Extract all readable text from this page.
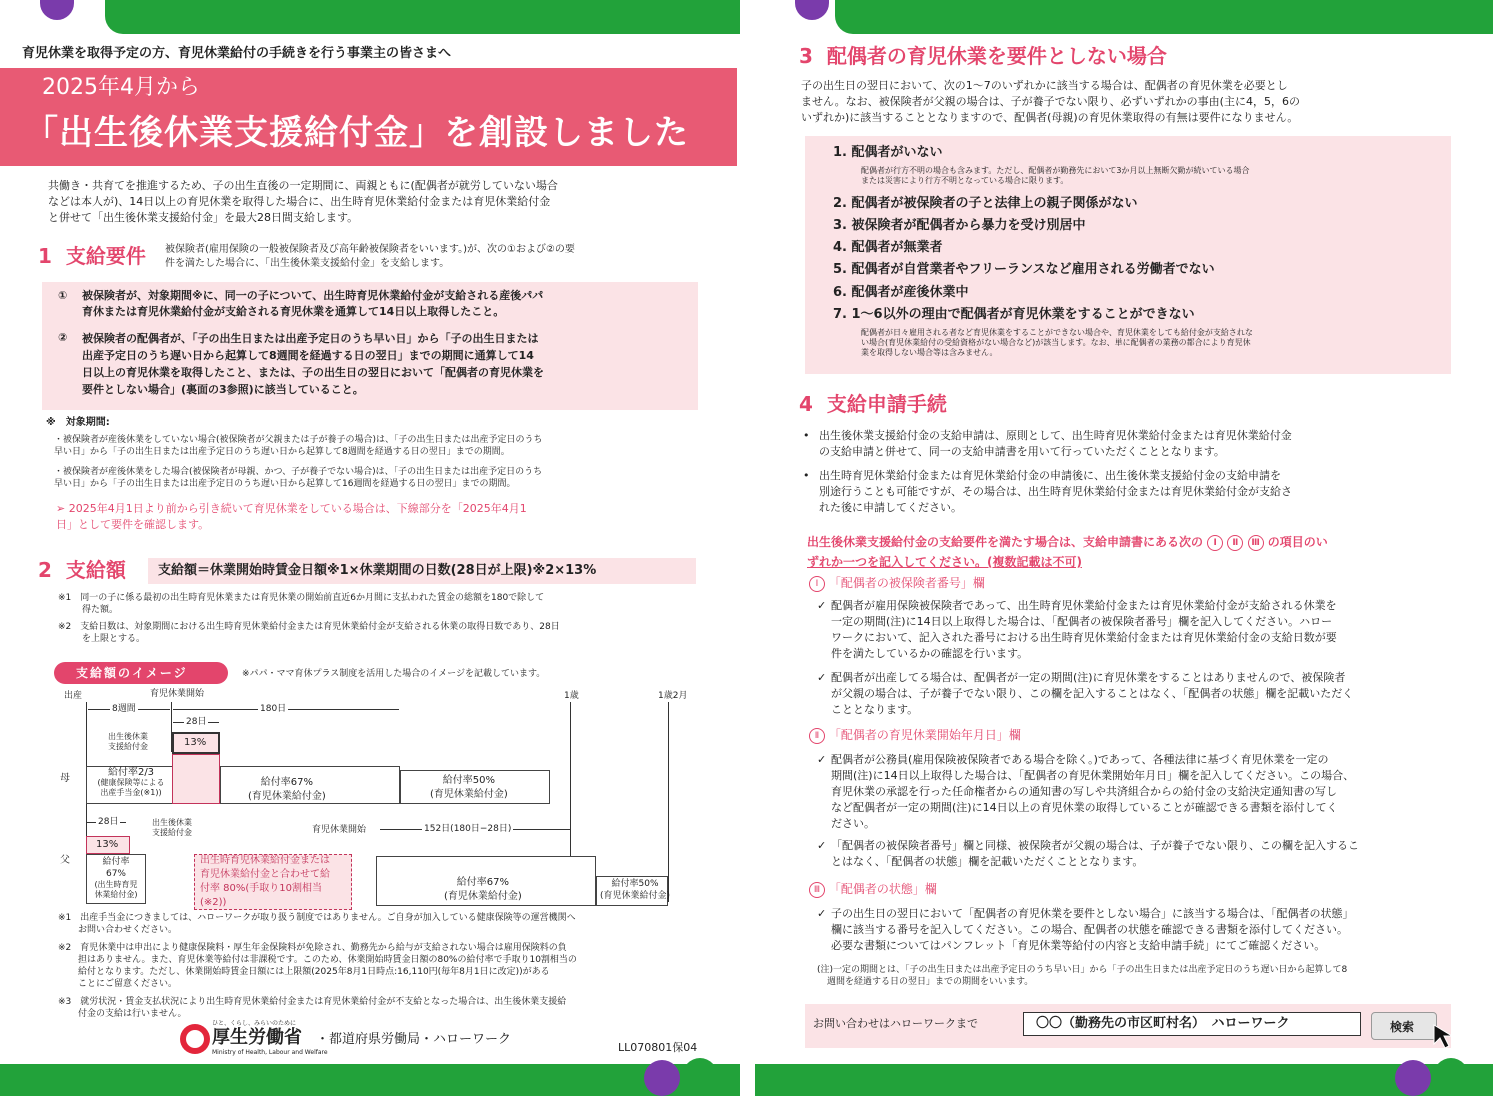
育児休業を取得予定の方、育児休業給付の手続きを行う事業主の皆さまへ
2025年4月から
「出生後休業支援給付金」を創設しました
共働き・共育てを推進するため、子の出生直後の一定期間に、両親ともに(配偶者が就労していない場合
などは本人が)、14日以上の育児休業を取得した場合に、出生時育児休業給付金または育児休業給付金
と併せて「出生後休業支援給付金」を最大28日間支給します。
1 支給要件 被保険者(雇用保険の一般被保険者及び高年齢被保険者をいいます。)が、次の①および②の要
件を満たした場合に、「出生後休業支援給付金」を支給します。
① 被保険者が、対象期間※に、同一の子について、出生時育児休業給付金が支給される産後パパ
育休または育児休業給付金が支給される育児休業を通算して14日以上取得したこと。
② 被保険者の配偶者が、「子の出生日または出産予定日のうち早い日」から「子の出生日または
出産予定日のうち遅い日から起算して8週間を経過する日の翌日」までの期間に通算して14
日以上の育児休業を取得したこと、または、子の出生日の翌日において「配偶者の育児休業を
要件としない場合」(裏面の3参照)に該当していること。
※　対象期間:
・被保険者が産後休業をしていない場合(被保険者が父親または子が養子の場合)は、「子の出生日または出産予定日のうち
早い日」から「子の出生日または出産予定日のうち遅い日から起算して8週間を経過する日の翌日」までの期間。
・被保険者が産後休業をした場合(被保険者が母親、かつ、子が養子でない場合)は、「子の出生日または出産予定日のうち
早い日」から「子の出生日または出産予定日のうち遅い日から起算して16週間を経過する日の翌日」までの期間。
➢ 2025年4月1日より前から引き続いて育児休業をしている場合は、下線部分を「2025年4月1
日」として要件を確認します。
2 支給額 支給額＝休業開始時賃金日額※1×休業期間の日数(28日が上限)※2×13%
※1　同一の子に係る最初の出生時育児休業または育児休業の開始前直近6か月間に支払われた賃金の総額を180で除して
得た額。
※2　支給日数は、対象期間における出生時育児休業給付金または育児休業給付金が支給される休業の取得日数であり、28日
を上限とする。
支給額のイメージ	※パパ・ママ育休プラス制度を活用した場合のイメージを記載しています。
出産	育児休業開始	1歳	1歳2月
8週間	180日
28日
出生後休業
支援給付金	13%
給付率2/3
(健康保険等による
出産手当金(※1))
給付率67%
(育児休業給付金)
給付率50%
(育児休業給付金)
母
28日	出生後休業
支援給付金
13%
給付率
67%
(出生時育児
休業給付金)
父
育児休業開始	152日(180日−28日)
出生時育児休業給付金または
育児休業給付金と合わせて給
付率 80%(手取り10割相当
(※2))
給付率67%
(育児休業給付金)
給付率50%
(育児休業給付金)
※1　出産手当金につきましては、ハローワークが取り扱う制度ではありません。ご自身が加入している健康保険等の運営機関へ
お問い合わせください。
※2　育児休業中は申出により健康保険料・厚生年金保険料が免除され、勤務先から給与が支給されない場合は雇用保険料の負
担はありません。また、育児休業等給付は非課税です。このため、休業開始時賃金日額の80%の給付率で手取り10割相当の
給付となります。ただし、休業開始時賃金日額には上限額(2025年8月1日時点:16,110円(毎年8月1日に改定))がある
ことにご留意ください。
※3　就労状況・賃金支払状況により出生時育児休業給付金または育児休業給付金が不支給となった場合は、出生後休業支援給
付金の支給は行いません。
ひと、くらし、みらいのために
厚生労働省
Ministry of Health, Labour and Welfare
・都道府県労働局・ハローワーク
LL070801保04
3 配偶者の育児休業を要件としない場合
子の出生日の翌日において、次の1～7のいずれかに該当する場合は、配偶者の育児休業を必要とし
ません。なお、被保険者が父親の場合は、子が養子でない限り、必ずいずれかの事由(主に4，5，6の
いずれか)に該当することとなりますので、配偶者(母親)の育児休業取得の有無は要件になりません。
1. 配偶者がいない
配偶者が行方不明の場合も含みます。ただし、配偶者が勤務先において3か月以上無断欠勤が続いている場合
または災害により行方不明となっている場合に限ります。
2. 配偶者が被保険者の子と法律上の親子関係がない
3. 被保険者が配偶者から暴力を受け別居中
4. 配偶者が無業者
5. 配偶者が自営業者やフリーランスなど雇用される労働者でない
6. 配偶者が産後休業中
7. 1～6以外の理由で配偶者が育児休業をすることができない
配偶者が日々雇用される者など育児休業をすることができない場合や、育児休業をしても給付金が支給されな
い場合(育児休業給付の受給資格がない場合など)が該当します。なお、単に配偶者の業務の都合により育児休
業を取得しない場合等は含みません。
4 支給申請手続
• 出生後休業支援給付金の支給申請は、原則として、出生時育児休業給付金または育児休業給付金
の支給申請と併せて、同一の支給申請書を用いて行っていただくこととなります。
• 出生時育児休業給付金または育児休業給付金の申請後に、出生後休業支援給付金の支給申請を
別途行うことも可能ですが、その場合は、出生時育児休業給付金または育児休業給付金が支給さ
れた後に申請してください。
出生後休業支援給付金の支給要件を満たす場合は、支給申請書にある次の Ⅰ Ⅱ Ⅲ の項目のい
ずれか一つを記入してください。(複数記載は不可)
Ⅰ 「配偶者の被保険者番号」欄
✓ 配偶者が雇用保険被保険者であって、出生時育児休業給付金または育児休業給付金が支給される休業を
一定の期間(注)に14日以上取得した場合は、「配偶者の被保険者番号」欄を記入してください。ハロー
ワークにおいて、記入された番号における出生時育児休業給付金または育児休業給付金の支給日数が要
件を満たしているかの確認を行います。
✓ 配偶者が出産してる場合は、配偶者が一定の期間(注)に育児休業をすることはありませんので、被保険者
が父親の場合は、子が養子でない限り、この欄を記入することはなく、「配偶者の状態」欄を記載いただく
こととなります。
Ⅱ 「配偶者の育児休業開始年月日」欄
✓ 配偶者が公務員(雇用保険被保険者である場合を除く。)であって、各種法律に基づく育児休業を一定の
期間(注)に14日以上取得した場合は、「配偶者の育児休業開始年月日」欄を記入してください。この場合、
育児休業の承認を行った任命権者からの通知書の写しや共済組合からの給付金の支給決定通知書の写し
など配偶者が一定の期間(注)に14日以上の育児休業の取得していることが確認できる書類を添付してく
ださい。
✓ 「配偶者の被保険者番号」欄と同様、被保険者が父親の場合は、子が養子でない限り、この欄を記入するこ
とはなく、「配偶者の状態」欄を記載いただくこととなります。
Ⅲ 「配偶者の状態」欄
✓ 子の出生日の翌日において「配偶者の育児休業を要件としない場合」に該当する場合は、「配偶者の状態」
欄に該当する番号を記入してください。この場合、配偶者の状態を確認できる書類を添付してください。
必要な書類についてはパンフレット「育児休業等給付の内容と支給申請手続」にてご確認ください。
(注)一定の期間とは、「子の出生日または出産予定日のうち早い日」から「子の出生日または出産予定日のうち遅い日から起算して8
週間を経過する日の翌日」までの期間をいいます。
お問い合わせはハローワークまで	〇〇（勤務先の市区町村名）　ハローワーク	検索
